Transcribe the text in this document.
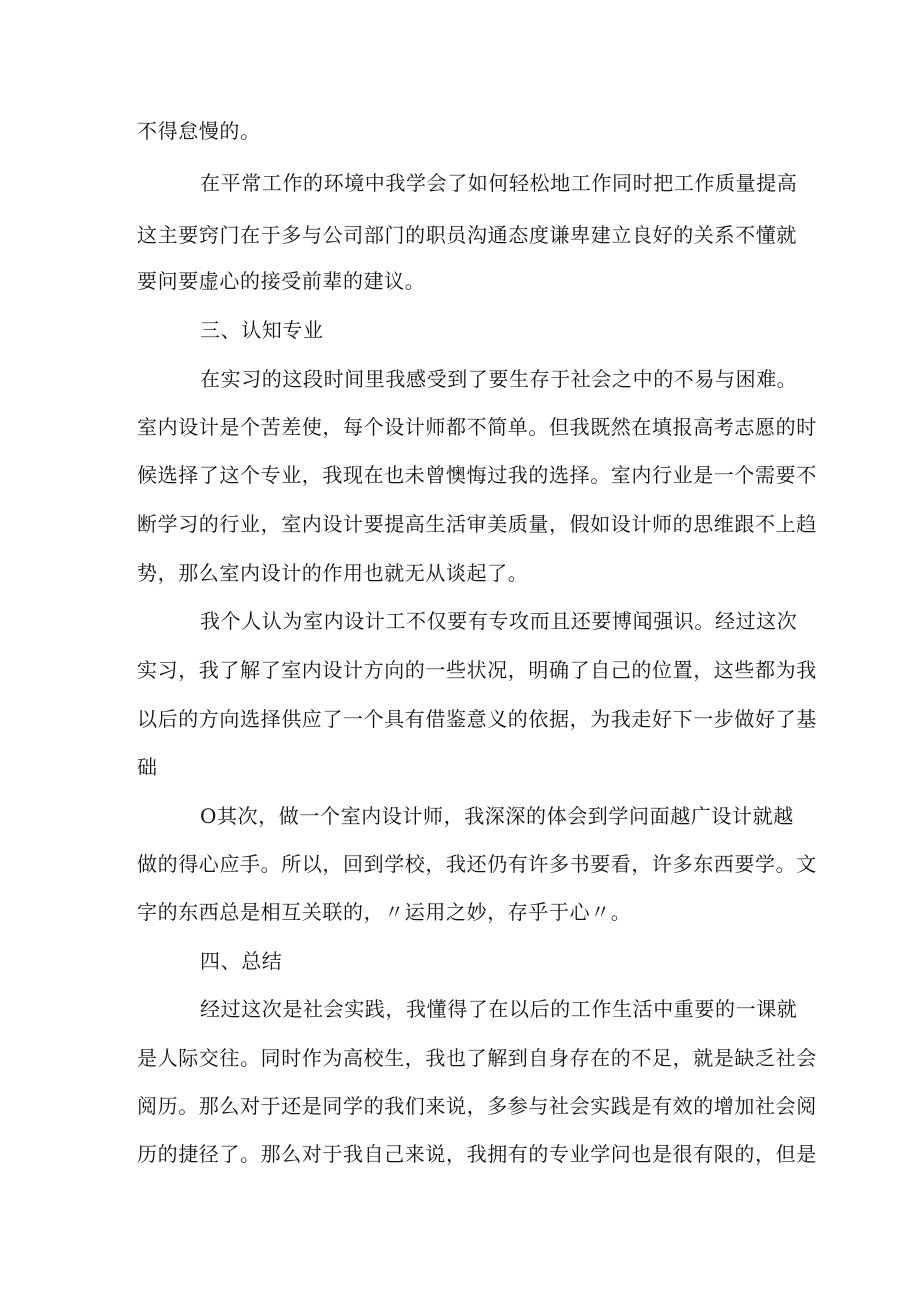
不得怠慢的。
在平常工作的环境中我学会了如何轻松地工作同时把工作质量提高
这主要窍门在于多与公司部门的职员沟通态度谦卑建立良好的关系不懂就
要问要虚心的接受前辈的建议。
三、认知专业
在实习的这段时间里我感受到了要生存于社会之中的不易与困难。
室内设计是个苦差使，每个设计师都不简单。但我既然在填报高考志愿的时
候选择了这个专业，我现在也未曾懊悔过我的选择。室内行业是一个需要不
断学习的行业，室内设计要提高生活审美质量，假如设计师的思维跟不上趋
势，那么室内设计的作用也就无从谈起了。
我个人认为室内设计工不仅要有专攻而且还要博闻强识。经过这次
实习，我了解了室内设计方向的一些状况，明确了自己的位置，这些都为我
以后的方向选择供应了一个具有借鉴意义的依据，为我走好下一步做好了基
础
O其次，做一个室内设计师，我深深的体会到学问面越广设计就越
做的得心应手。所以，回到学校，我还仍有许多书要看，许多东西要学。文
字的东西总是相互关联的，〃运用之妙，存乎于心〃。
四、总结
经过这次是社会实践，我懂得了在以后的工作生活中重要的一课就
是人际交往。同时作为高校生，我也了解到自身存在的不足，就是缺乏社会
阅历。那么对于还是同学的我们来说，多参与社会实践是有效的增加社会阅
历的捷径了。那么对于我自己来说，我拥有的专业学问也是很有限的，但是
